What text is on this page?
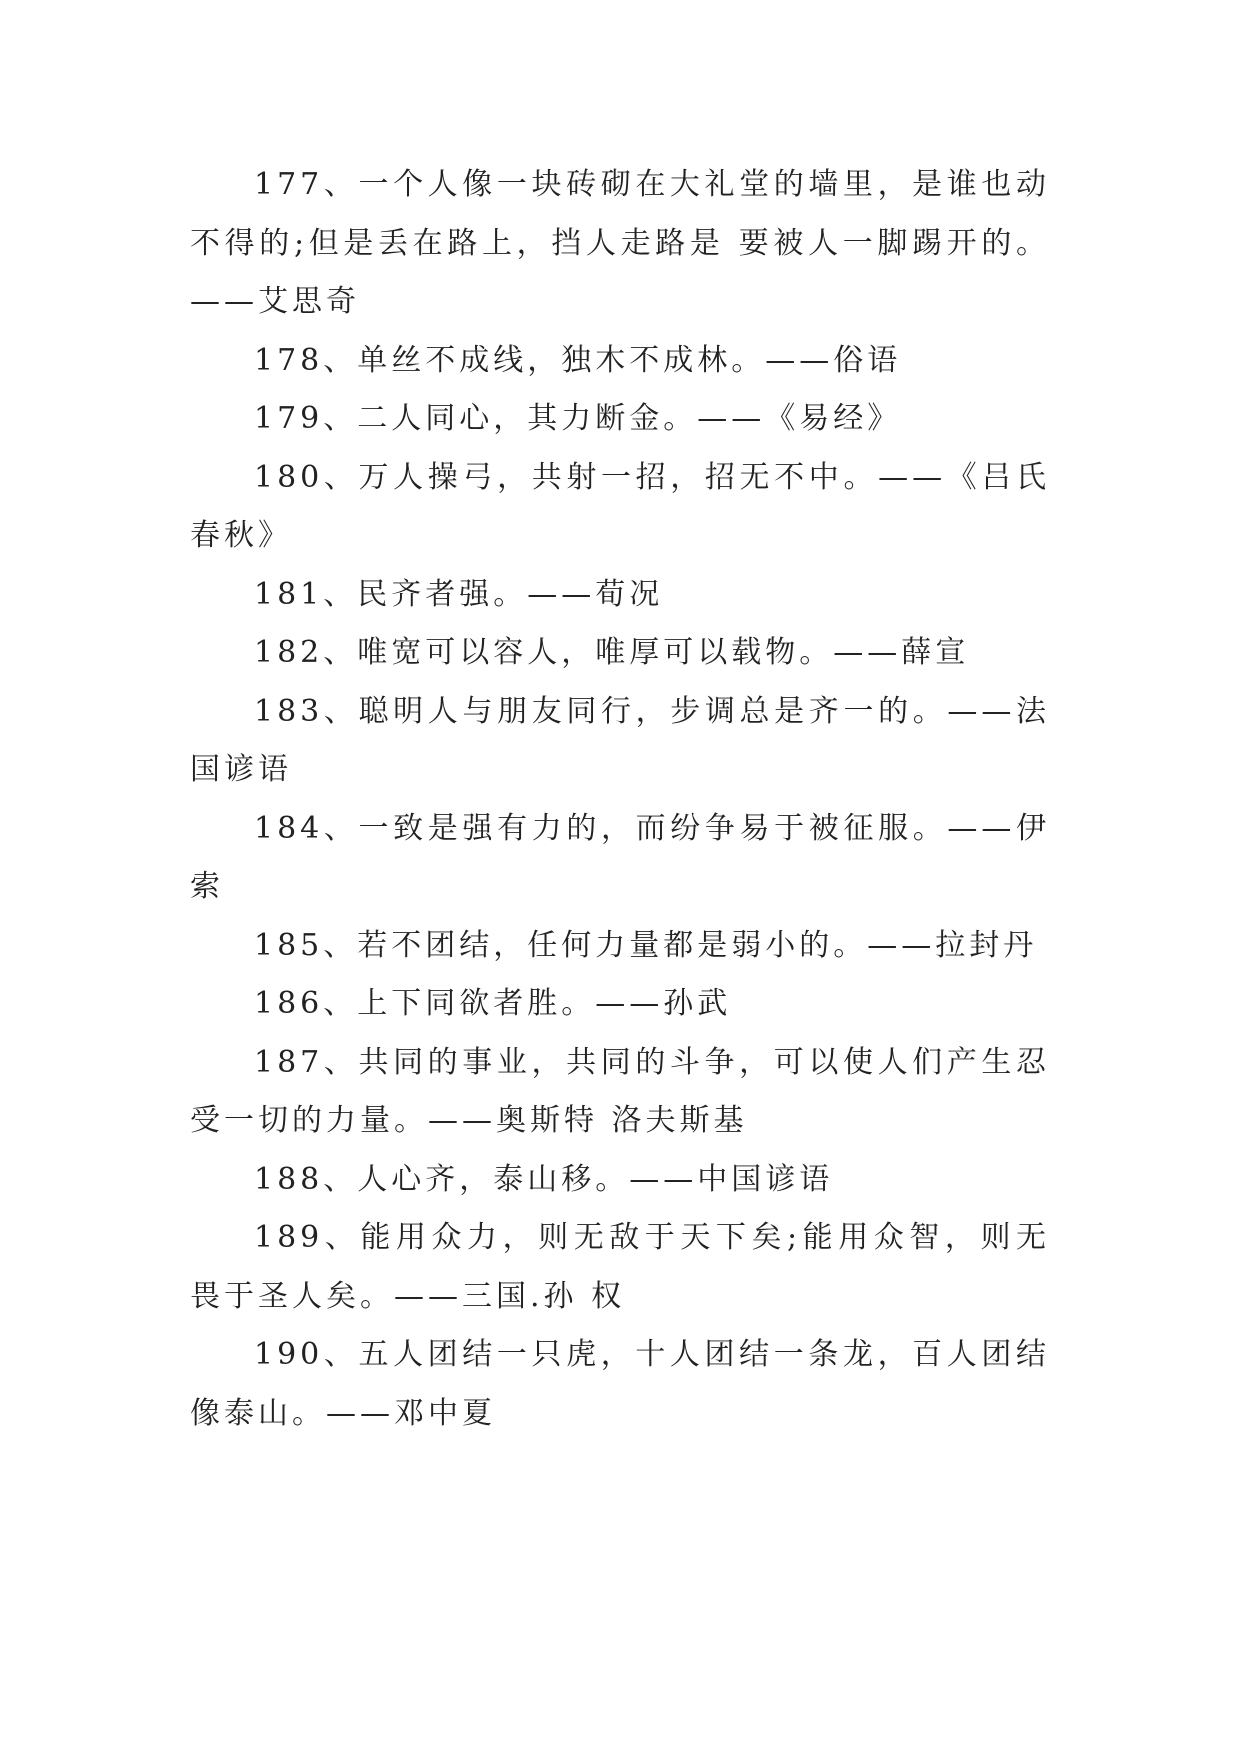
177、一个人像一块砖砌在大礼堂的墙里，是谁也动不得的;但是丢在路上，挡人走路是 要被人一脚踢开的。——艾思奇

178、单丝不成线，独木不成林。——俗语

179、二人同心，其力断金。——《易经》

180、万人操弓，共射一招，招无不中。——《吕氏春秋》

181、民齐者强。——荀况

182、唯宽可以容人，唯厚可以载物。——薛宣

183、聪明人与朋友同行，步调总是齐一的。——法国谚语

184、一致是强有力的，而纷争易于被征服。——伊索

185、若不团结，任何力量都是弱小的。——拉封丹

186、上下同欲者胜。——孙武

187、共同的事业，共同的斗争，可以使人们产生忍受一切的力量。——奥斯特 洛夫斯基

188、人心齐，泰山移。——中国谚语

189、能用众力，则无敌于天下矣;能用众智，则无畏于圣人矣。——三国.孙 权

190、五人团结一只虎，十人团结一条龙，百人团结像泰山。——邓中夏
